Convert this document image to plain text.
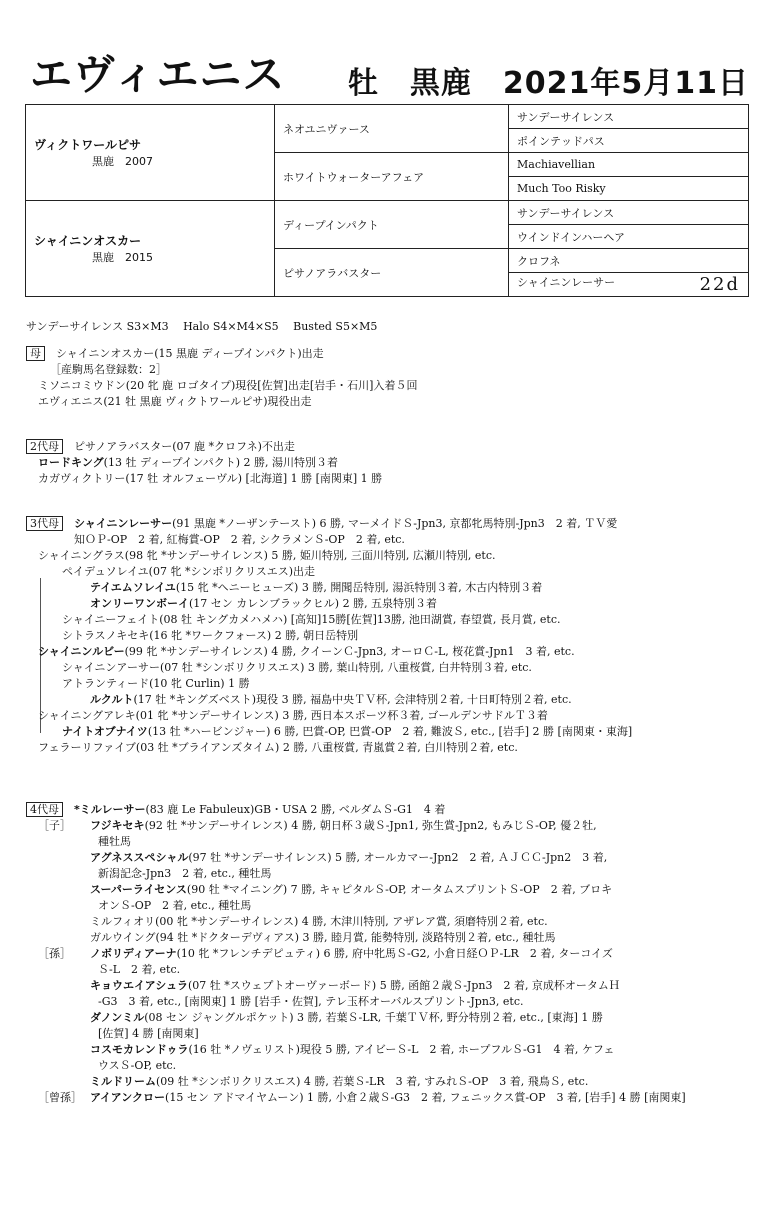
エヴィエニス 牡　黒鹿　2021年5月11日
ヴィクトワールピサ
黒鹿　2007	ネオユニヴァース	サンデーサイレンス
		ポインテッドパス
	ホワイトウォーターアフェア	Machiavellian
		Much Too Risky

シャイニンオスカー
黒鹿　2015	ディープインパクト	サンデーサイレンス
		ウインドインハーヘア
	ピサノアラバスター	クロフネ
		シャイニンレーサー 22d
サンデーサイレンス S3×M3　 Halo S4×M4×S5　 Busted S5×M5
母　 シャイニンオスカー(15 黒鹿 ディープインパクト)出走
［産駒馬名登録数：2］
ミソニコミウドン(20 牝 鹿 ロゴタイプ)現役[佐賀]出走[岩手・石川]入着５回
エヴィエニス(21 牡 黒鹿 ヴィクトワールピサ)現役出走
2代母　 ピサノアラバスター(07 鹿 *クロフネ)不出走
ロードキング(13 牡 ディープインパクト) 2 勝, 湯川特別３着
カガヴィクトリー(17 牡 オルフェーヴル) [北海道] 1 勝 [南関東] 1 勝
3代母　 シャイニンレーサー(91 黒鹿 *ノーザンテースト) 6 勝, マーメイドＳ-Jpn3, 京都牝馬特別-Jpn3　2 着, ＴＶ愛
知ＯＰ-OP　2 着, 紅梅賞-OP　2 着, シクラメンＳ-OP　2 着, etc.
シャイニングラス(98 牝 *サンデーサイレンス) 5 勝, 姫川特別, 三面川特別, 広瀬川特別, etc.
ペイデュソレイユ(07 牝 *シンボリクリスエス)出走
テイエムソレイユ(15 牝 *ヘニーヒューズ) 3 勝, 開聞岳特別, 湯浜特別３着, 木古内特別３着
オンリーワンボーイ(17 セン カレンブラックヒル) 2 勝, 五泉特別３着
シャイニーフェイト(08 牡 キングカメハメハ) [高知]15勝[佐賀]13勝, 池田湖賞, 春望賞, 長月賞, etc.
シトラスノキセキ(16 牝 *ワークフォース) 2 勝, 朝日岳特別
シャイニンルビー(99 牝 *サンデーサイレンス) 4 勝, クイーンＣ-Jpn3, オーロＣ-L, 桜花賞-Jpn1　3 着, etc.
シャイニンアーサー(07 牡 *シンボリクリスエス) 3 勝, 葉山特別, 八重桜賞, 白井特別３着, etc.
アトランティード(10 牝 Curlin) 1 勝
ルクルト(17 牡 *キングズベスト)現役 3 勝, 福島中央ＴＶ杯, 会津特別２着, 十日町特別２着, etc.
シャイニングアレキ(01 牝 *サンデーサイレンス) 3 勝, 西日本スポーツ杯３着, ゴールデンサドルＴ３着
ナイトオブナイツ(13 牡 *ハービンジャー) 6 勝, 巴賞-OP, 巴賞-OP　2 着, 難波Ｓ, etc., [岩手] 2 勝 [南関東・東海]
フェラーリファイブ(03 牡 *ブライアンズタイム) 2 勝, 八重桜賞, 青嵐賞２着, 白川特別２着, etc.
4代母　 *ミルレーサー(83 鹿 Le Fabuleux)GB・USA 2 勝, ベルダムＳ-G1　4 着
［子］ フジキセキ(92 牡 *サンデーサイレンス) 4 勝, 朝日杯３歳Ｓ-Jpn1, 弥生賞-Jpn2, もみじＳ-OP, 優２牡,
種牡馬
アグネススペシャル(97 牡 *サンデーサイレンス) 5 勝, オールカマー-Jpn2　2 着, ＡＪＣＣ-Jpn2　3 着,
新潟記念-Jpn3　2 着, etc., 種牡馬
スーパーライセンス(90 牡 *マイニング) 7 勝, キャピタルＳ-OP, オータムスプリントＳ-OP　2 着, ブロキ
オンＳ-OP　2 着, etc., 種牡馬
ミルフィオリ(00 牝 *サンデーサイレンス) 4 勝, 木津川特別, アザレア賞, 須磨特別２着, etc.
ガルウイング(94 牡 *ドクターデヴィアス) 3 勝, 睦月賞, 能勢特別, 淡路特別２着, etc., 種牡馬
［孫］ ノボリディアーナ(10 牝 *フレンチデピュティ) 6 勝, 府中牝馬Ｓ-G2, 小倉日経ＯＰ-LR　2 着, ターコイズ
Ｓ-L　2 着, etc.
キョウエイアシュラ(07 牡 *スウェプトオーヴァーボード) 5 勝, 函館２歳Ｓ-Jpn3　2 着, 京成杯オータムＨ
-G3　3 着, etc., [南関東] 1 勝 [岩手・佐賀], テレ玉杯オーバルスプリント-Jpn3, etc.
ダノンミル(08 セン ジャングルポケット) 3 勝, 若葉Ｓ-LR, 千葉ＴＶ杯, 野分特別２着, etc., [東海] 1 勝
[佐賀] 4 勝 [南関東]
コスモカレンドゥラ(16 牡 *ノヴェリスト)現役 5 勝, アイビーＳ-L　2 着, ホープフルＳ-G1　4 着, ケフェ
ウスＳ-OP, etc.
ミルドリーム(09 牡 *シンボリクリスエス) 4 勝, 若葉Ｓ-LR　3 着, すみれＳ-OP　3 着, 飛鳥Ｓ, etc.
［曾孫］ アイアンクロー(15 セン アドマイヤムーン) 1 勝, 小倉２歳Ｓ-G3　2 着, フェニックス賞-OP　3 着, [岩手] 4 勝 [南関東]
